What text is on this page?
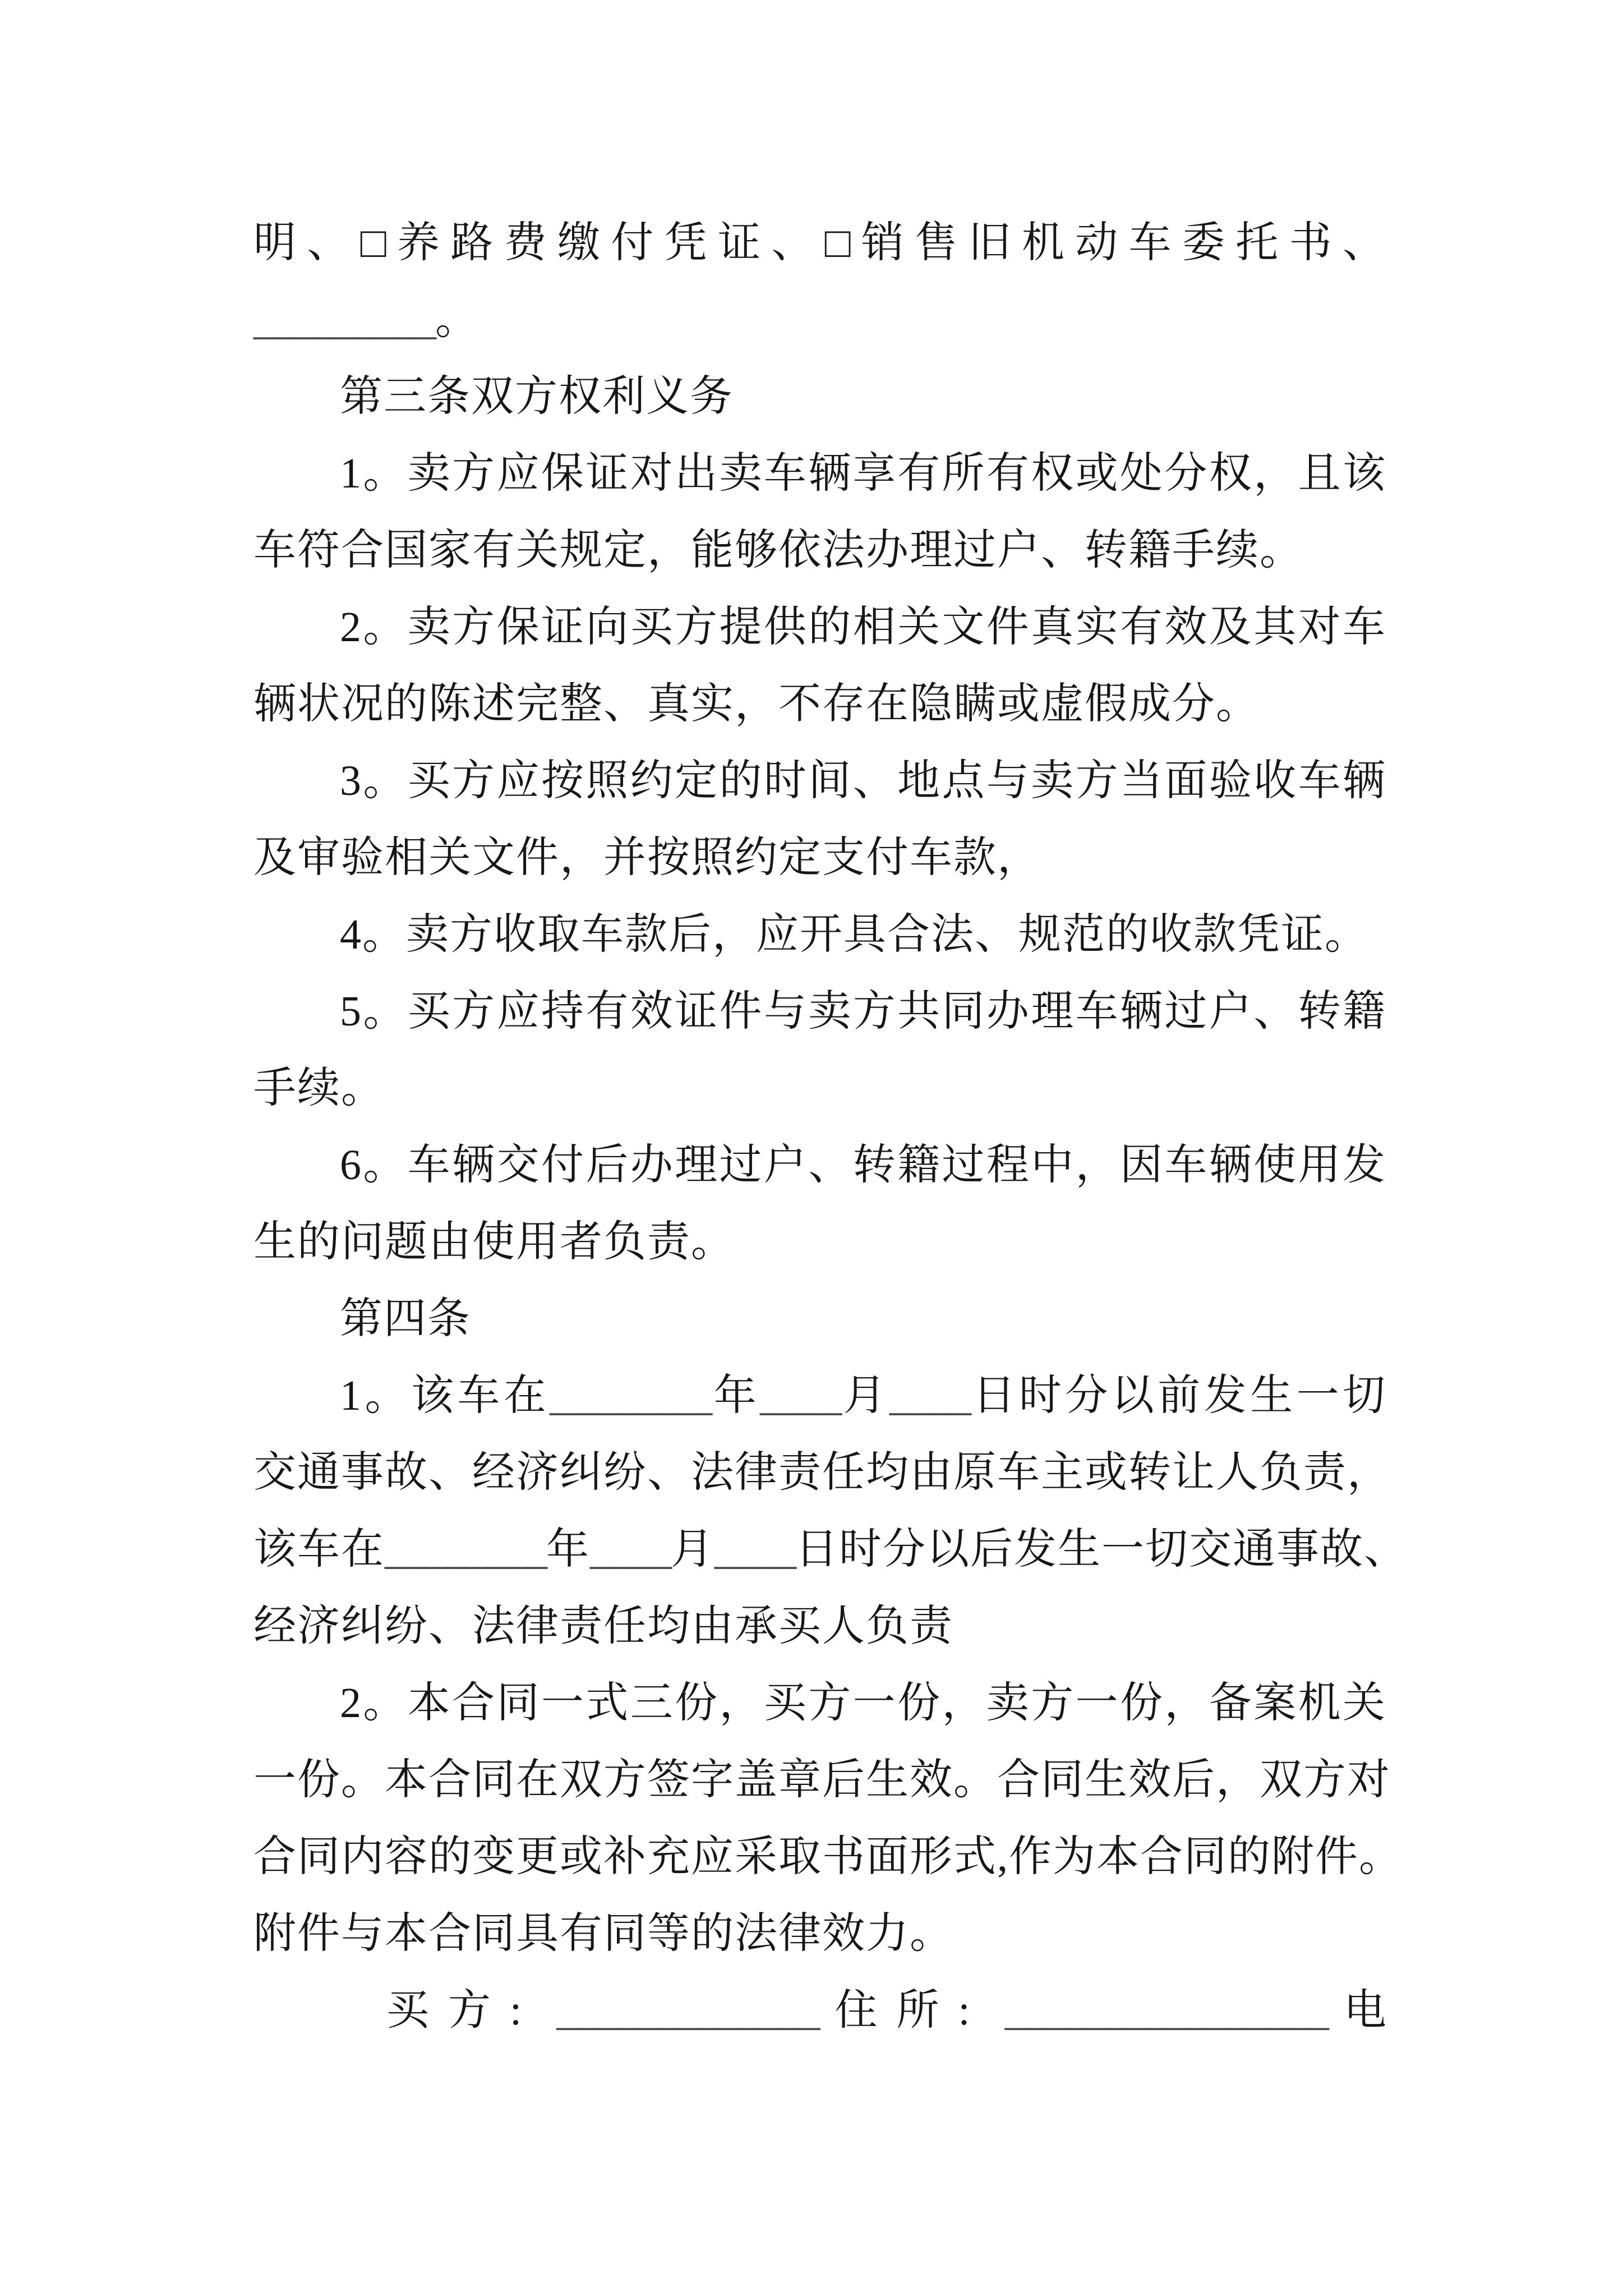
明、□养路费缴付凭证、□销售旧机动车委托书、
_________。
第三条双方权利义务
1。卖方应保证对出卖车辆享有所有权或处分权，且该
车符合国家有关规定，能够依法办理过户、转籍手续。
2。卖方保证向买方提供的相关文件真实有效及其对车
辆状况的陈述完整、真实，不存在隐瞒或虚假成分。
3。买方应按照约定的时间、地点与卖方当面验收车辆
及审验相关文件，并按照约定支付车款，
4。卖方收取车款后，应开具合法、规范的收款凭证。
5。买方应持有效证件与卖方共同办理车辆过户、转籍
手续。
6。车辆交付后办理过户、转籍过程中，因车辆使用发
生的问题由使用者负责。
第四条
1。该车在________年____月____日时分以前发生一切
交通事故、经济纠纷、法律责任均由原车主或转让人负责，
该车在________年____月____日时分以后发生一切交通事故、
经济纠纷、法律责任均由承买人负责
2。本合同一式三份，买方一份，卖方一份，备案机关
一份。本合同在双方签字盖章后生效。合同生效后，双方对
合同内容的变更或补充应采取书面形式,作为本合同的附件。
附件与本合同具有同等的法律效力。
买方: _____________ 住所: ________________ 电
